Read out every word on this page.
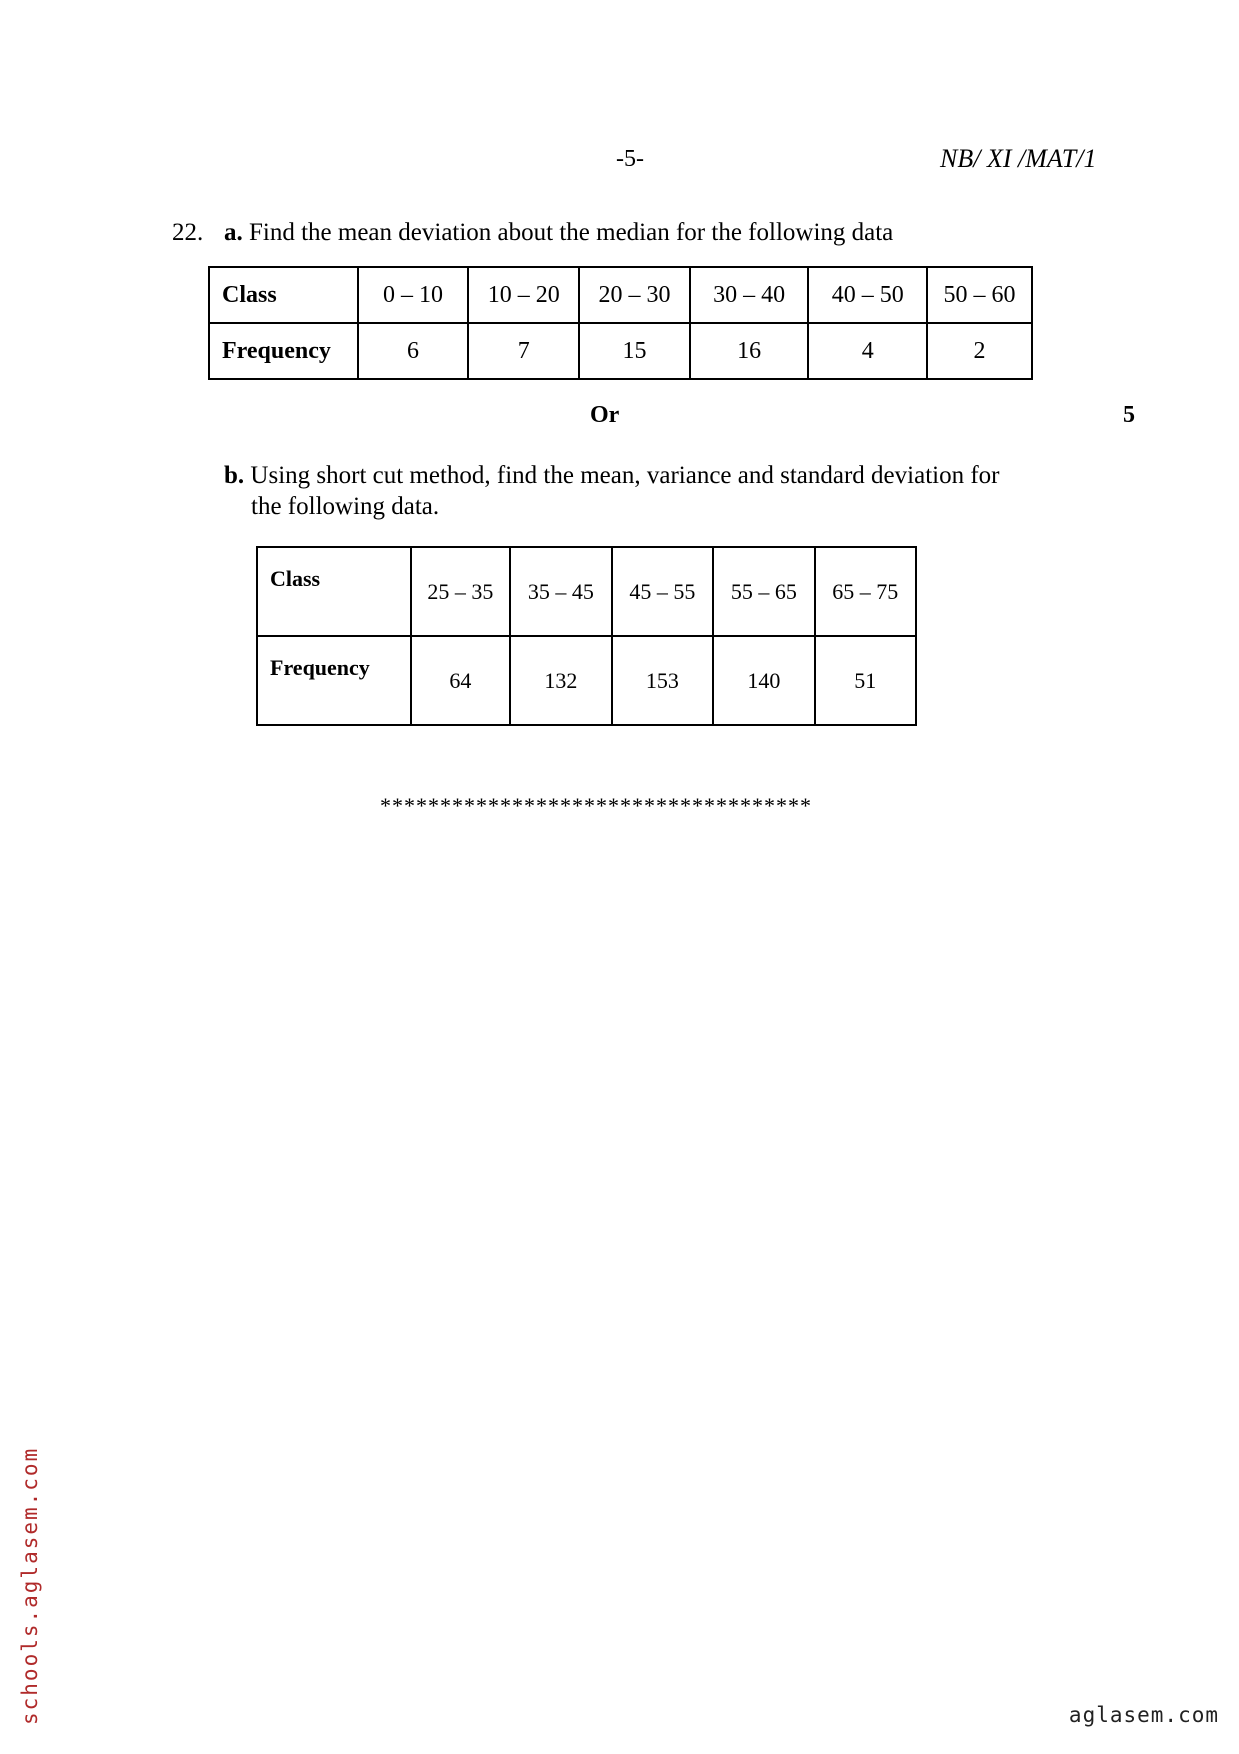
-5-	NB/ XI /MAT/1
22. a. Find the mean deviation about the median for the following data
Class	0 – 10	10 – 20	20 – 30	30 – 40	40 – 50	50 – 60
Frequency	6	7	15	16	4	2
Or	5
b. Using short cut method, find the mean, variance and standard deviation for
the following data.
Class	25 – 35	35 – 45	45 – 55	55 – 65	65 – 75
Frequency	64	132	153	140	51
************************************
schools.aglasem.com	aglasem.com
